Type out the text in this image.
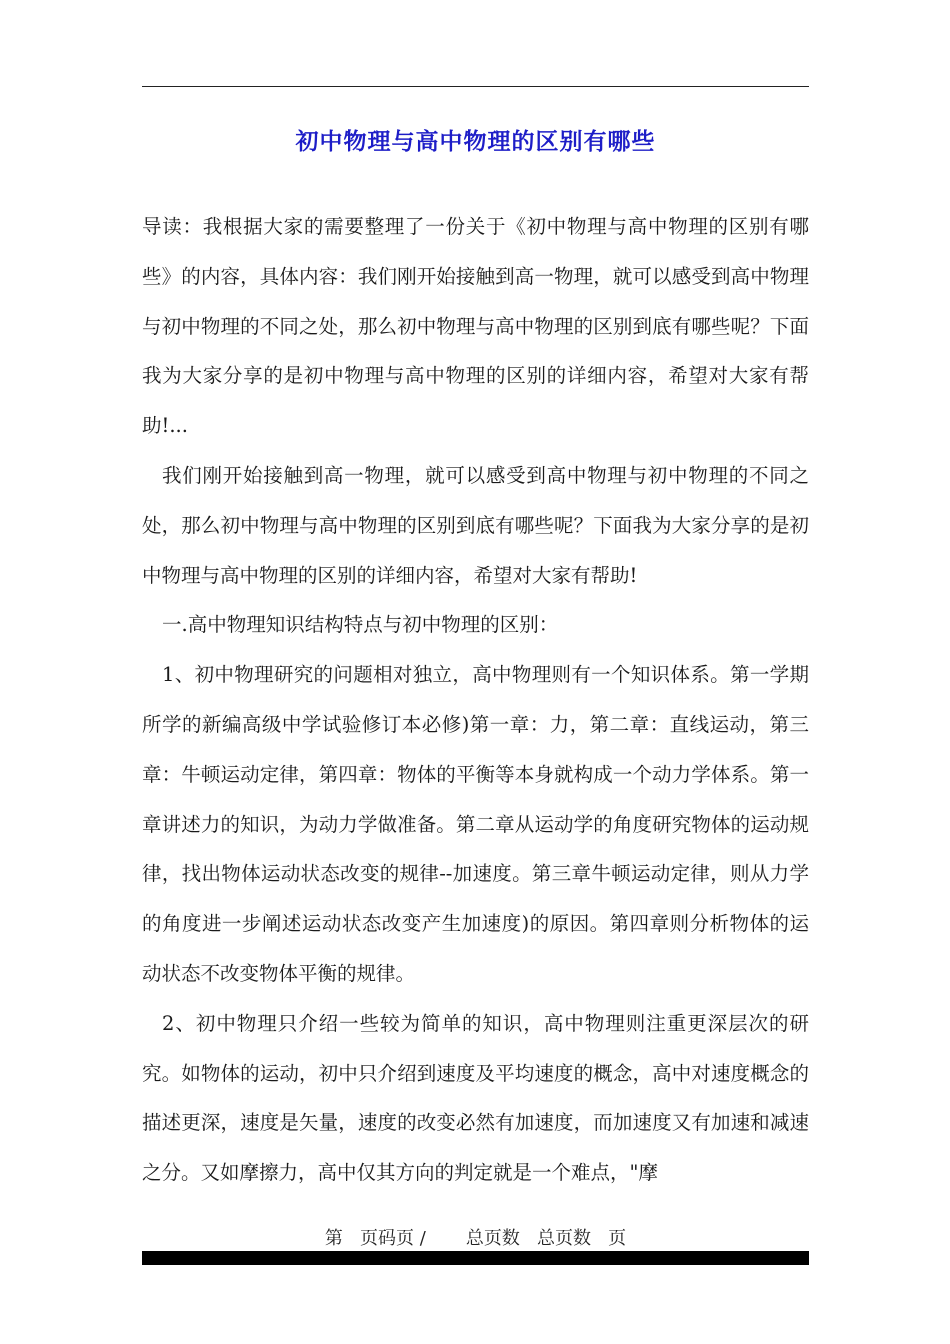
初中物理与高中物理的区别有哪些

导读：我根据大家的需要整理了一份关于《初中物理与高中物理的区别有哪些》的内容，具体内容：我们刚开始接触到高一物理，就可以感受到高中物理与初中物理的不同之处，那么初中物理与高中物理的区别到底有哪些呢？下面我为大家分享的是初中物理与高中物理的区别的详细内容，希望对大家有帮助!...

我们刚开始接触到高一物理，就可以感受到高中物理与初中物理的不同之处，那么初中物理与高中物理的区别到底有哪些呢？下面我为大家分享的是初中物理与高中物理的区别的详细内容，希望对大家有帮助!

一.高中物理知识结构特点与初中物理的区别：

1、初中物理研究的问题相对独立，高中物理则有一个知识体系。第一学期所学的新编高级中学试验修订本必修)第一章：力，第二章：直线运动，第三章：牛顿运动定律，第四章：物体的平衡等本身就构成一个动力学体系。第一章讲述力的知识，为动力学做准备。第二章从运动学的角度研究物体的运动规律，找出物体运动状态改变的规律--加速度。第三章牛顿运动定律，则从力学的角度进一步阐述运动状态改变产生加速度)的原因。第四章则分析物体的运动状态不改变物体平衡的规律。

2、初中物理只介绍一些较为简单的知识，高中物理则注重更深层次的研究。如物体的运动，初中只介绍到速度及平均速度的概念，高中对速度概念的描述更深，速度是矢量，速度的改变必然有加速度，而加速度又有加速和减速之分。又如摩擦力，高中仅其方向的判定就是一个难点，"摩

第   页码页 /       总页数   总页数   页
